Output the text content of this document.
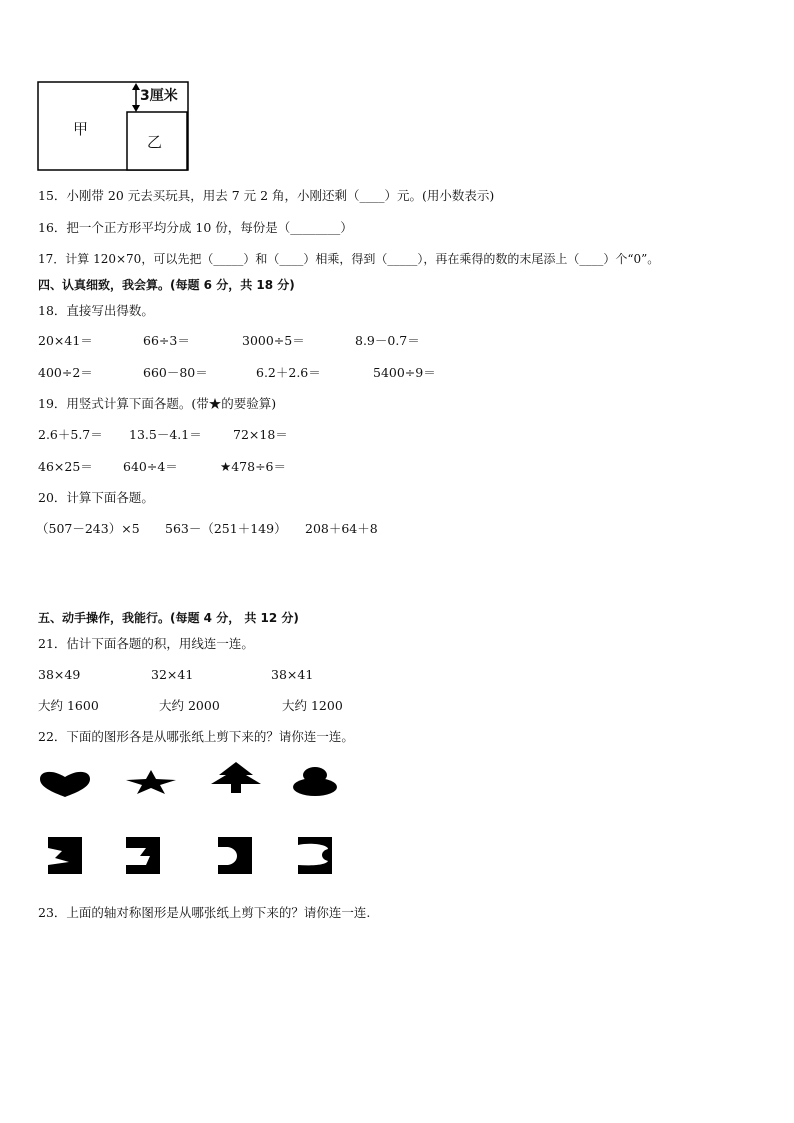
甲
乙
3厘米
15．小刚带 20 元去买玩具，用去 7 元 2 角，小刚还剩（____）元。(用小数表示)
16．把一个正方形平均分成 10 份，每份是（________）
17．计算 120×70，可以先把（_____）和（____）相乘，得到（_____），再在乘得的数的末尾添上（____）个“0”。
四、认真细致，我会算。(每题 6 分，共 18 分)
18．直接写出得数。
20×41＝	66÷3＝	3000÷5＝	8.9－0.7＝
400÷2＝	660－80＝	6.2＋2.6＝	5400÷9＝
19．用竖式计算下面各题。(带★的要验算)
2.6＋5.7＝ 13.5－4.1＝	72×18＝
46×25＝ 640÷4＝	★478÷6＝
20．计算下面各题。
（507－243）×5 563－（251＋149） 208＋64＋8
五、动手操作，我能行。(每题 4 分， 共 12 分)
21．估计下面各题的积，用线连一连。
38×49	32×41	38×41
大约 1600	大约 2000	大约 1200
22．下面的图形各是从哪张纸上剪下来的？请你连一连。
23．上面的轴对称图形是从哪张纸上剪下来的？请你连一连.
